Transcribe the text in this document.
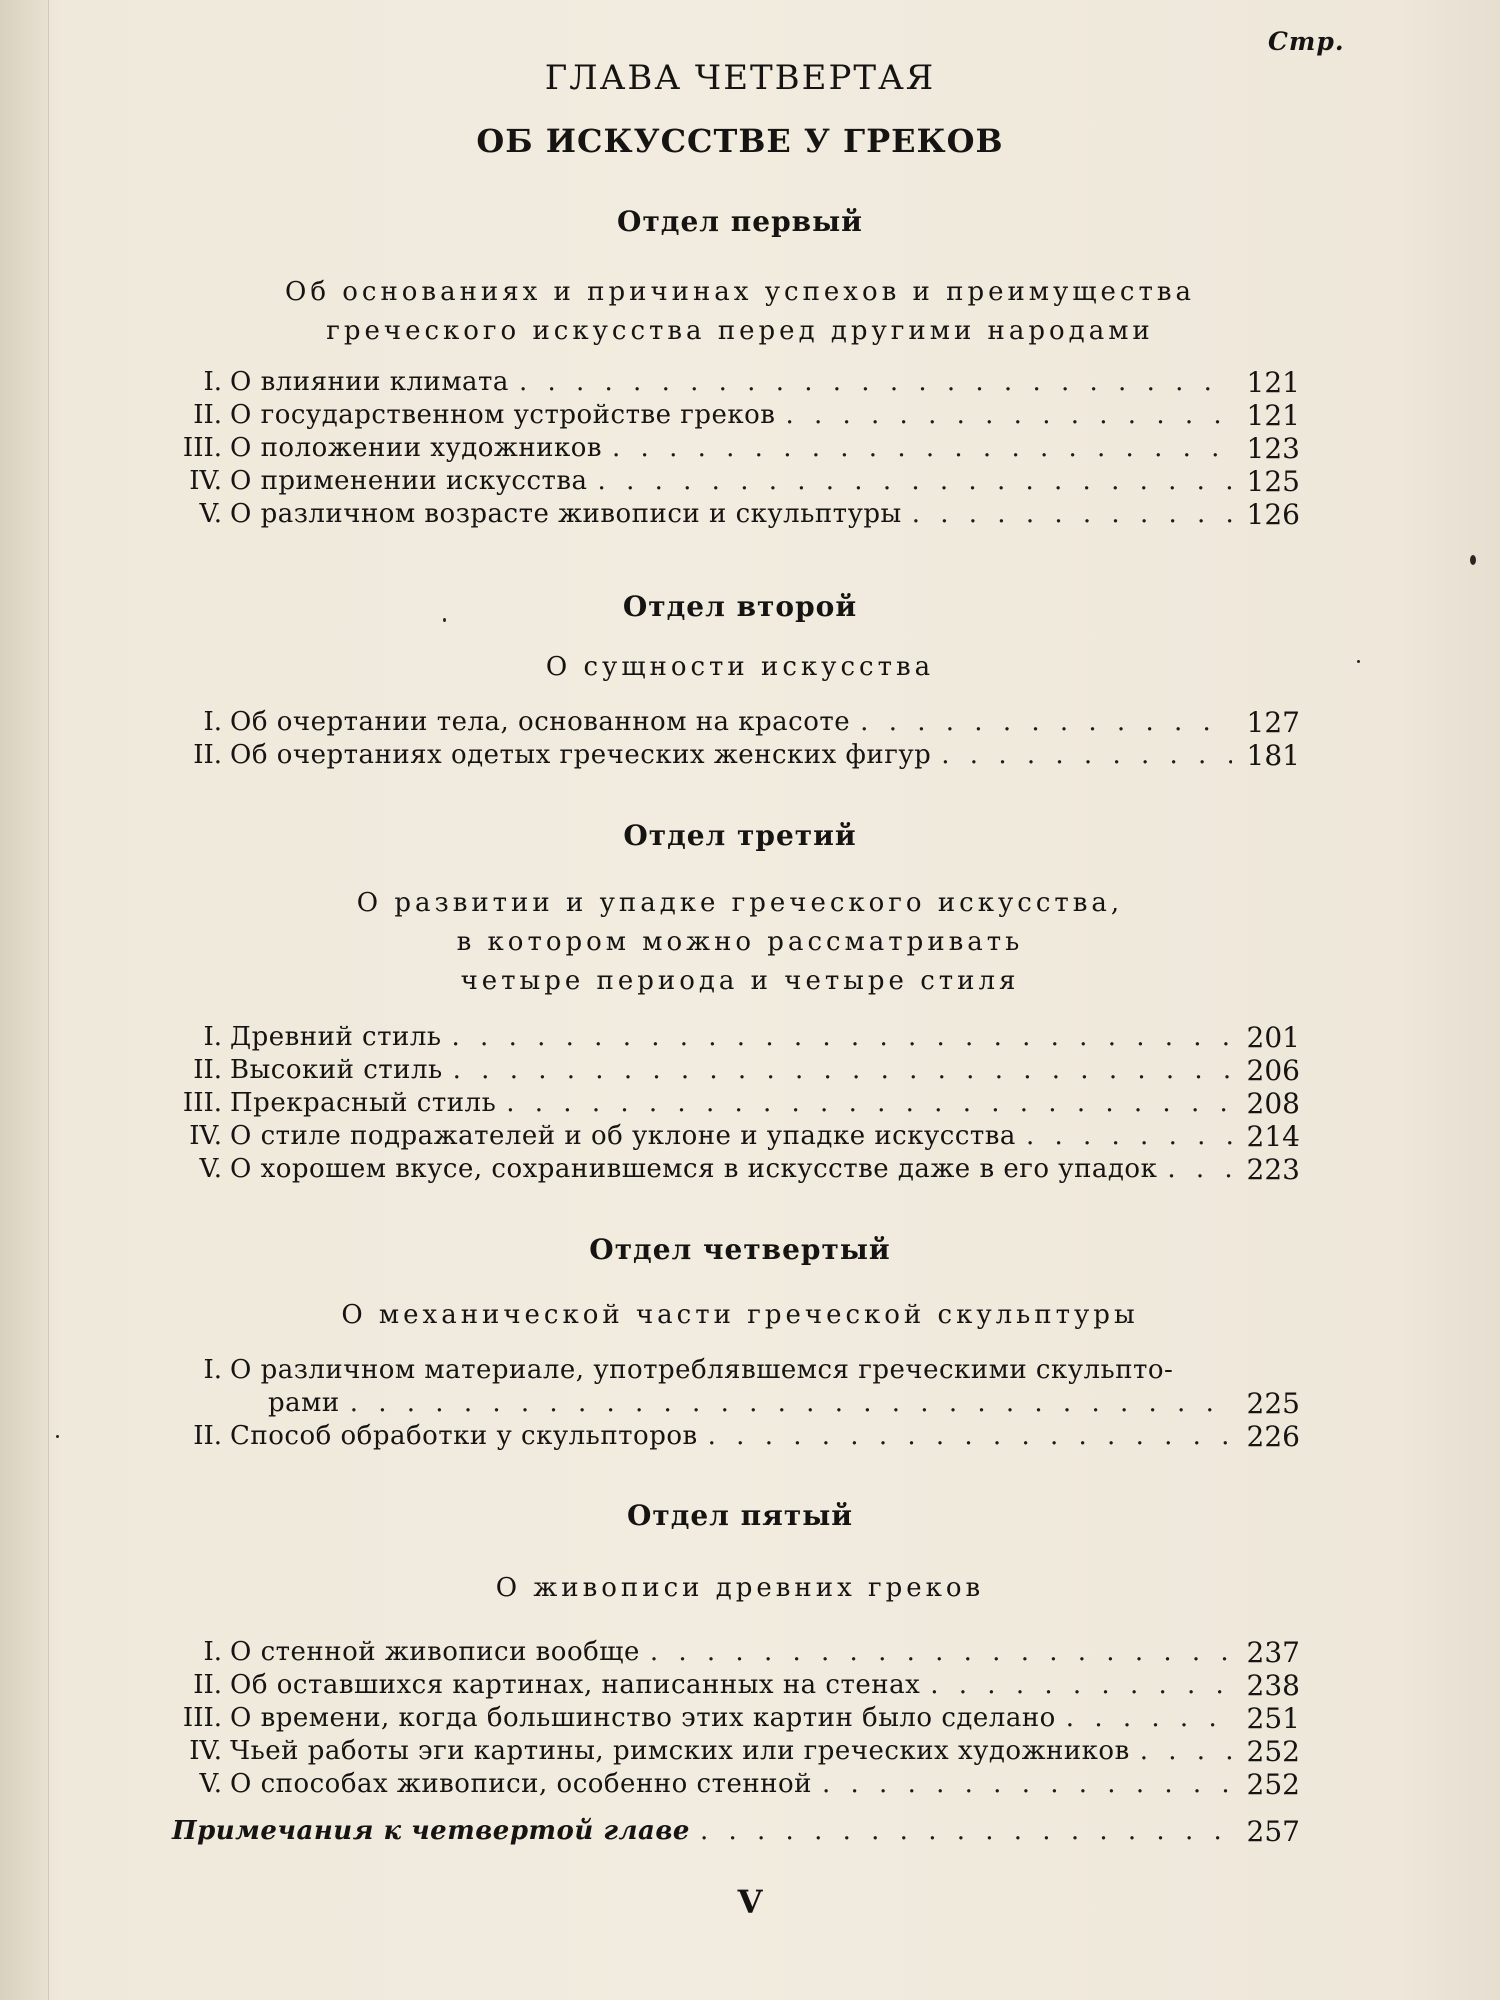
Стр.
ГЛАВА ЧЕТВЕРТАЯ
ОБ ИСКУССТВЕ У ГРЕКОВ
Отдел первый
Об основаниях и причинах успехов и преимущества
греческого искусства перед другими народами
I. О влиянии климата . . .	121
II. О государственном устройстве греков . . .	121
III. О положении художников . . .	123
IV. О применении искусства . . .	125
V. О различном возрасте живописи и скульптуры . . .	126
Отдел второй
О сущности искусства
I. Об очертании тела, основанном на красоте . . .	127
II. Об очертаниях одетых греческих женских фигур . . .	181
Отдел третий
О развитии и упадке греческого искусства,
в котором можно рассматривать
четыре периода и четыре стиля
I. Древний стиль . . .	201
II. Высокий стиль . . .	206
III. Прекрасный стиль . . .	208
IV. О стиле подражателей и об уклоне и упадке искусства . . .	214
V. О хорошем вкусе, сохранившемся в искусстве даже в его упадок . . .	223
Отдел четвертый
О механической части греческой скульптуры
I. О различном материале, употреблявшемся греческими скульпто-
рами . . .	225
II. Способ обработки у скульпторов . . .	226
Отдел пятый
О живописи древних греков
I. О стенной живописи вообще . . .	237
II. Об оставшихся картинах, написанных на стенах . . .	238
III. О времени, когда большинство этих картин было сделано . . .	251
IV. Чьей работы эги картины, римских или греческих художников . . .	252
V. О способах живописи, особенно стенной . . .	252
Примечания к четвертой главе . . .	257
V
